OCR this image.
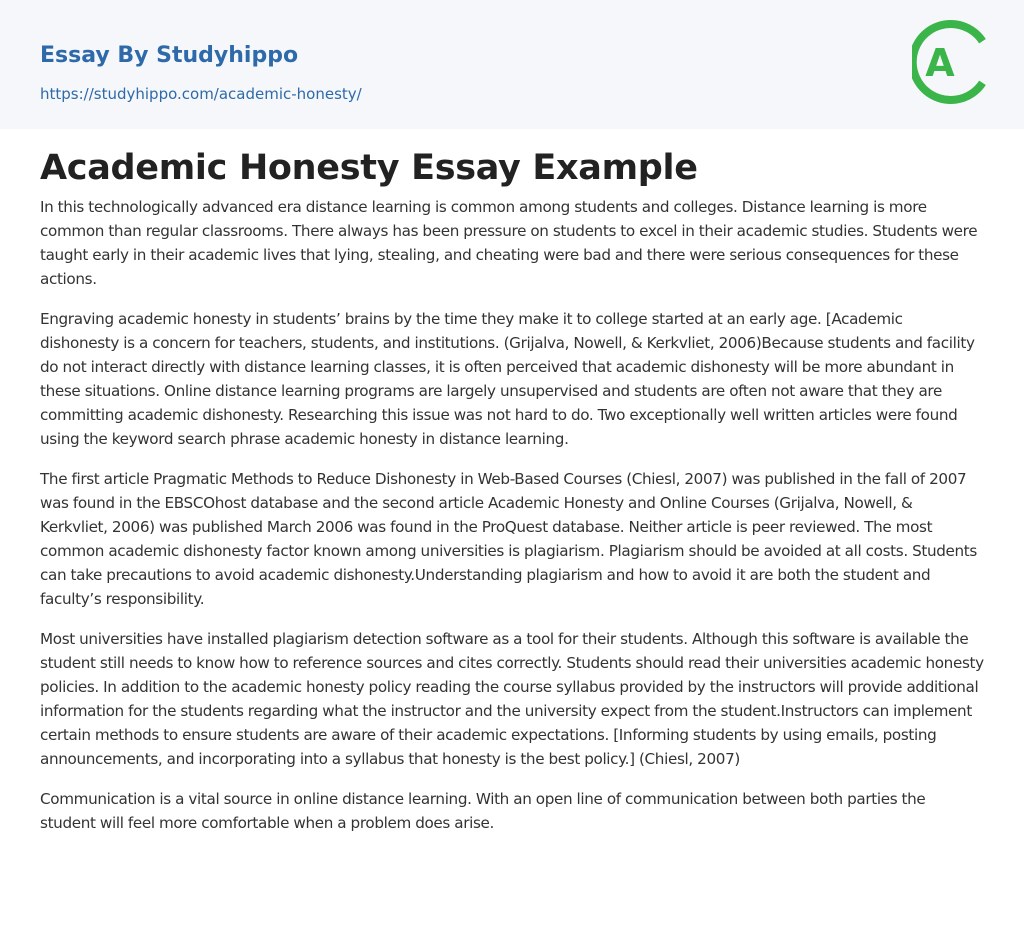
Essay By Studyhippo
https://studyhippo.com/academic-honesty/
A
Academic Honesty Essay Example

In this technologically advanced era distance learning is common among students and colleges. Distance learning is more common than regular classrooms. There always has been pressure on students to excel in their academic studies. Students were taught early in their academic lives that lying, stealing, and cheating were bad and there were serious consequences for these actions.

Engraving academic honesty in students’ brains by the time they make it to college started at an early age. [Academic dishonesty is a concern for teachers, students, and institutions. (Grijalva, Nowell, & Kerkvliet, 2006)Because students and facility do not interact directly with distance learning classes, it is often perceived that academic dishonesty will be more abundant in these situations. Online distance learning programs are largely unsupervised and students are often not aware that they are committing academic dishonesty. Researching this issue was not hard to do. Two exceptionally well written articles were found using the keyword search phrase academic honesty in distance learning.

The first article Pragmatic Methods to Reduce Dishonesty in Web-Based Courses (Chiesl, 2007) was published in the fall of 2007 was found in the EBSCOhost database and the second article Academic Honesty and Online Courses (Grijalva, Nowell, & Kerkvliet, 2006) was published March 2006 was found in the ProQuest database. Neither article is peer reviewed. The most common academic dishonesty factor known among universities is plagiarism. Plagiarism should be avoided at all costs. Students can take precautions to avoid academic dishonesty.Understanding plagiarism and how to avoid it are both the student and faculty’s responsibility.

Most universities have installed plagiarism detection software as a tool for their students. Although this software is available the student still needs to know how to reference sources and cites correctly. Students should read their universities academic honesty policies. In addition to the academic honesty policy reading the course syllabus provided by the instructors will provide additional information for the students regarding what the instructor and the university expect from the student.Instructors can implement certain methods to ensure students are aware of their academic expectations. [Informing students by using emails, posting announcements, and incorporating into a syllabus that honesty is the best policy.] (Chiesl, 2007)

Communication is a vital source in online distance learning. With an open line of communication between both parties the student will feel more comfortable when a problem does arise.
